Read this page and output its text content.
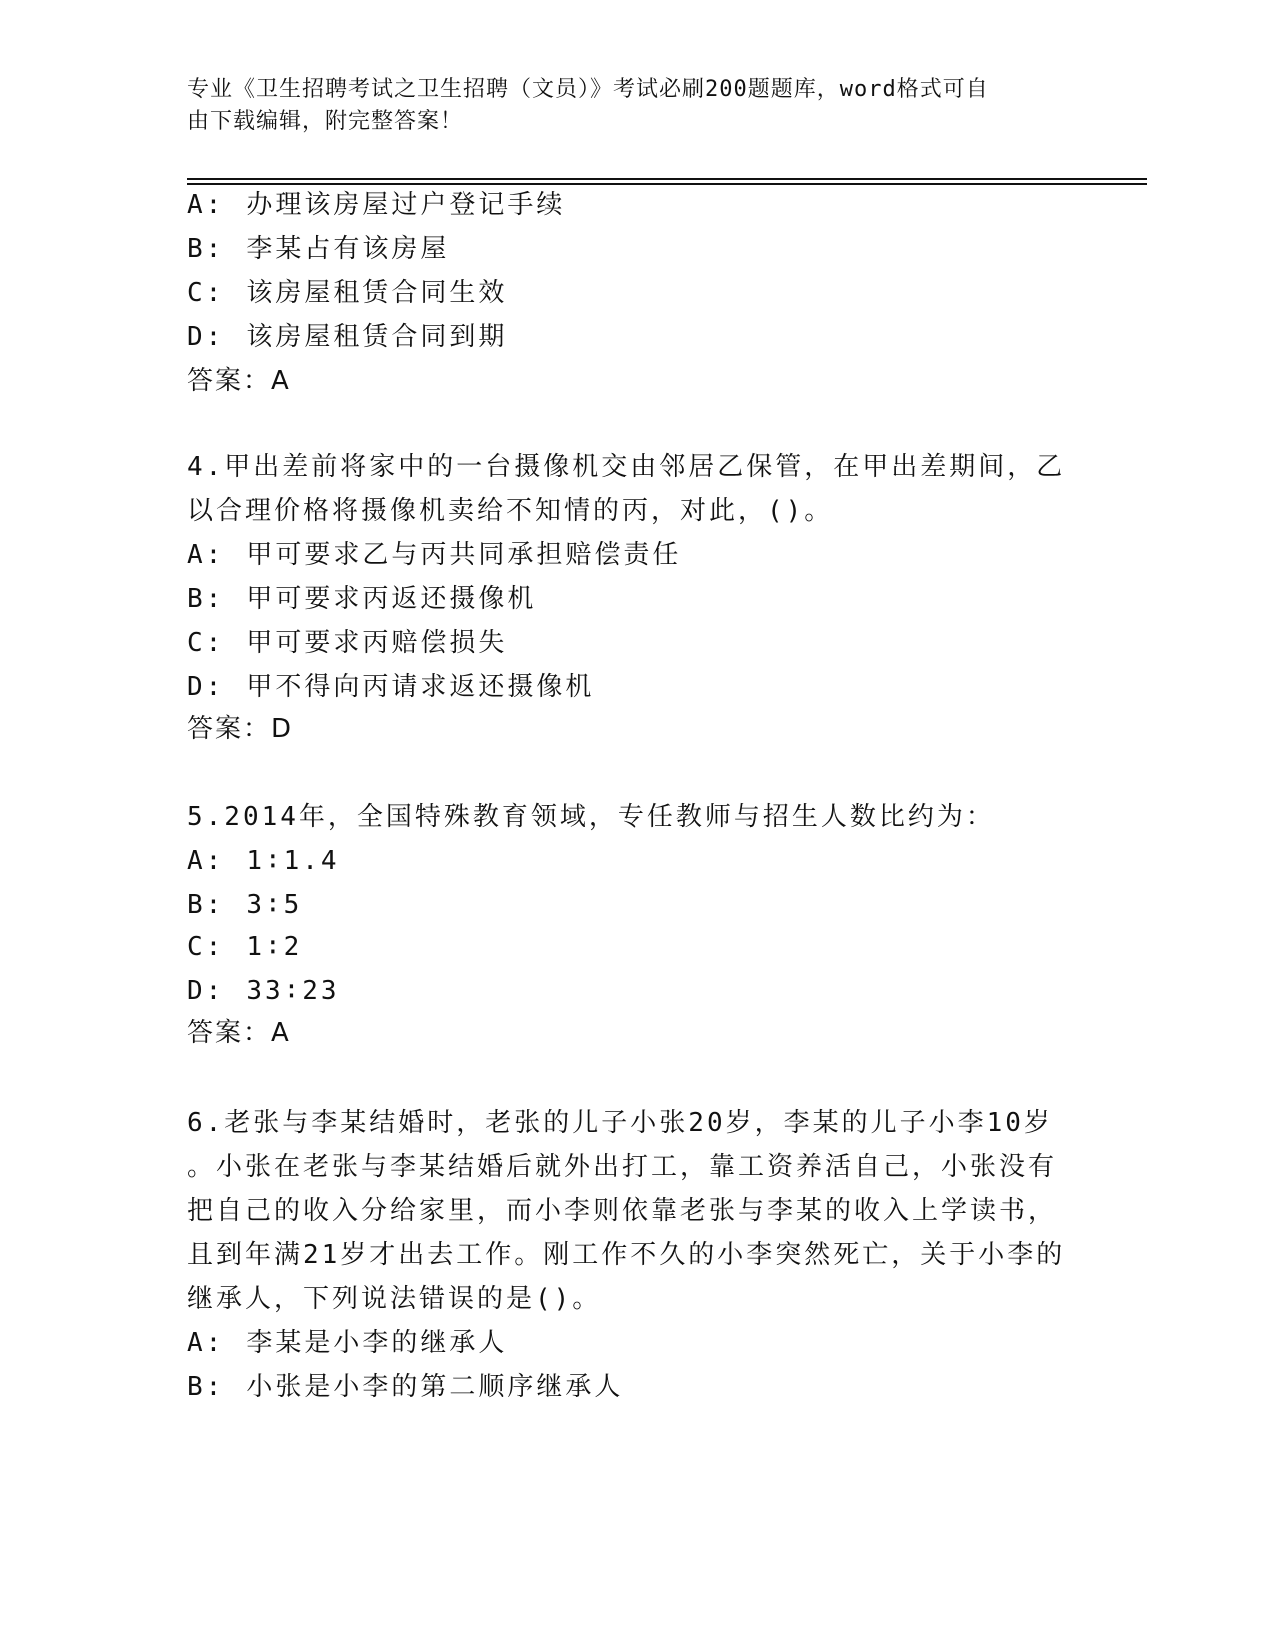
专业《卫生招聘考试之卫生招聘（文员）》考试必刷200题题库，word格式可自
由下载编辑，附完整答案！
A: 办理该房屋过户登记手续
B: 李某占有该房屋
C: 该房屋租赁合同生效
D: 该房屋租赁合同到期
答案：A
4.甲出差前将家中的一台摄像机交由邻居乙保管，在甲出差期间，乙
以合理价格将摄像机卖给不知情的丙，对此，()。
A: 甲可要求乙与丙共同承担赔偿责任
B: 甲可要求丙返还摄像机
C: 甲可要求丙赔偿损失
D: 甲不得向丙请求返还摄像机
答案：D
5.2014年，全国特殊教育领域，专任教师与招生人数比约为：
A: 1∶1.4
B: 3∶5
C: 1∶2
D: 33∶23
答案：A
6.老张与李某结婚时，老张的儿子小张20岁，李某的儿子小李10岁
。小张在老张与李某结婚后就外出打工，靠工资养活自己，小张没有
把自己的收入分给家里，而小李则依靠老张与李某的收入上学读书，
且到年满21岁才出去工作。刚工作不久的小李突然死亡，关于小李的
继承人，下列说法错误的是()。
A: 李某是小李的继承人
B: 小张是小李的第二顺序继承人
